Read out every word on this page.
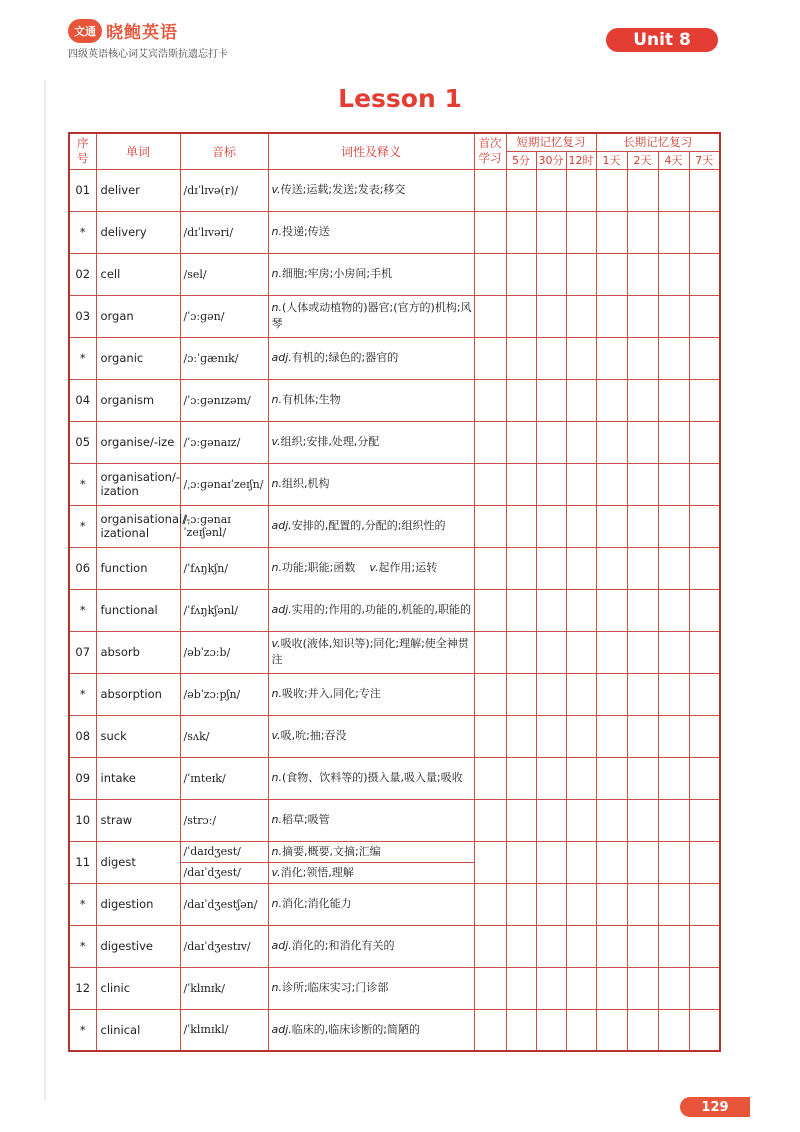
文通 晓鲍英语
四级英语核心词艾宾浩斯抗遗忘打卡
Unit 8
Lesson 1
序号	单词	音标	词性及释义	首次学习	短期记忆复习			长期记忆复习			
					5分	30分	12时	1天	2天	4天	7天
01	deliver	/dɪˈlɪvə(r)/	v.传送;运载;发送;发表;移交								
*	delivery	/dɪˈlɪvəri/	n.投递;传送								
02	cell	/sel/	n.细胞;牢房;小房间;手机								
03	organ	/ˈɔːɡən/	n.(人体或动植物的)器官;(官方的)机构;风琴								
*	organic	/ɔːˈɡænɪk/	adj.有机的;绿色的;器官的								
04	organism	/ˈɔːɡənɪzəm/	n.有机体;生物								
05	organise/-ize	/ˈɔːɡənaɪz/	v.组织;安排,处理,分配								
*	organisation/-ization	/ˌɔːɡənaɪˈzeɪʃn/	n.组织,机构								
*	organisational/-izational	/ˌɔːɡənaɪˈzeɪʃənl/	adj.安排的,配置的,分配的;组织性的								
06	function	/ˈfʌŋkʃn/	n.功能;职能;函数 v.起作用;运转								
*	functional	/ˈfʌŋkʃənl/	adj.实用的;作用的,功能的,机能的,职能的								
07	absorb	/əbˈzɔːb/	v.吸收(液体,知识等);同化;理解;使全神贯注								
*	absorption	/əbˈzɔːpʃn/	n.吸收;并入,同化;专注								
08	suck	/sʌk/	v.吸,吮;抽;吞没								
09	intake	/ˈɪnteɪk/	n.(食物、饮料等的)摄入量,吸入量;吸收								
10	straw	/strɔː/	n.稻草;吸管								
11	digest	/ˈdaɪdʒest/	n.摘要,概要,文摘;汇编								
		/daɪˈdʒest/	v.消化;领悟,理解								
*	digestion	/daɪˈdʒestʃən/	n.消化;消化能力								
*	digestive	/daɪˈdʒestɪv/	adj.消化的;和消化有关的								
12	clinic	/ˈklɪnɪk/	n.诊所;临床实习;门诊部								
*	clinical	/ˈklɪnɪkl/	adj.临床的,临床诊断的;简陋的								
129
